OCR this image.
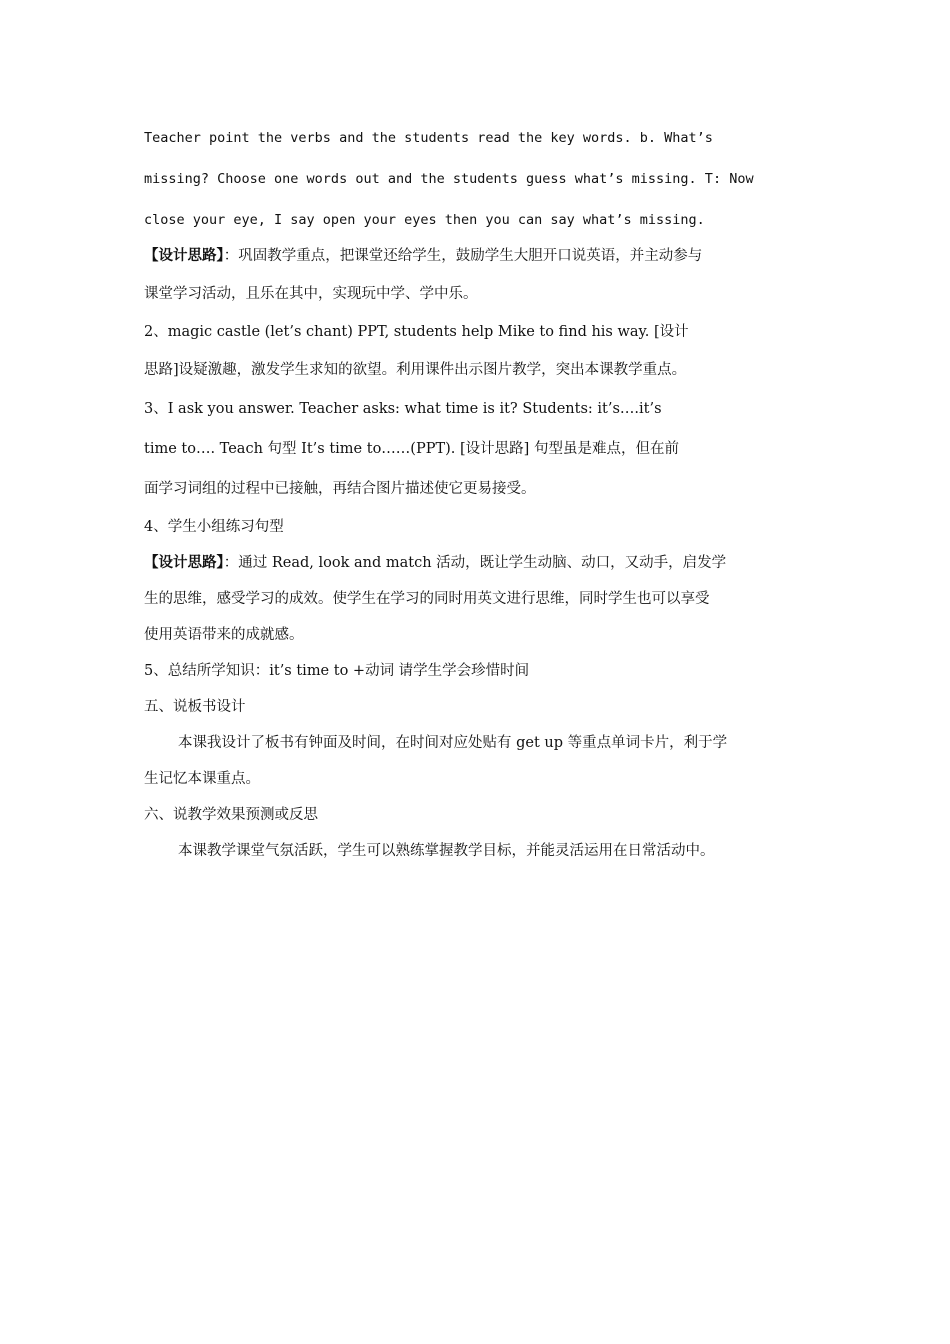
Teacher point the verbs and the students read the key words. b. What’s
missing? Choose one words out and the students guess what’s missing. T: Now
close your eye, I say open your eyes then you can say what’s missing.

【设计思路】：巩固教学重点，把课堂还给学生，鼓励学生大胆开口说英语，并主动参与
课堂学习活动，且乐在其中，实现玩中学、学中乐。

2、magic castle (let’s chant) PPT, students help Mike to find his way. [设计
思路]设疑激趣，激发学生求知的欲望。利用课件出示图片教学，突出本课教学重点。

3、I ask you answer. Teacher asks: what time is it? Students: it’s….it’s
time to…. Teach 句型 It’s time to……(PPT). [设计思路] 句型虽是难点，但在前
面学习词组的过程中已接触，再结合图片描述使它更易接受。

4、学生小组练习句型

【设计思路】：通过 Read, look and match 活动，既让学生动脑、动口，又动手，启发学
生的思维，感受学习的成效。使学生在学习的同时用英文进行思维，同时学生也可以享受
使用英语带来的成就感。

5、总结所学知识：it’s time to +动词 请学生学会珍惜时间

五、说板书设计

本课我设计了板书有钟面及时间，在时间对应处贴有 get up 等重点单词卡片，利于学
生记忆本课重点。

六、说教学效果预测或反思

本课教学课堂气氛活跃，学生可以熟练掌握教学目标，并能灵活运用在日常活动中。
